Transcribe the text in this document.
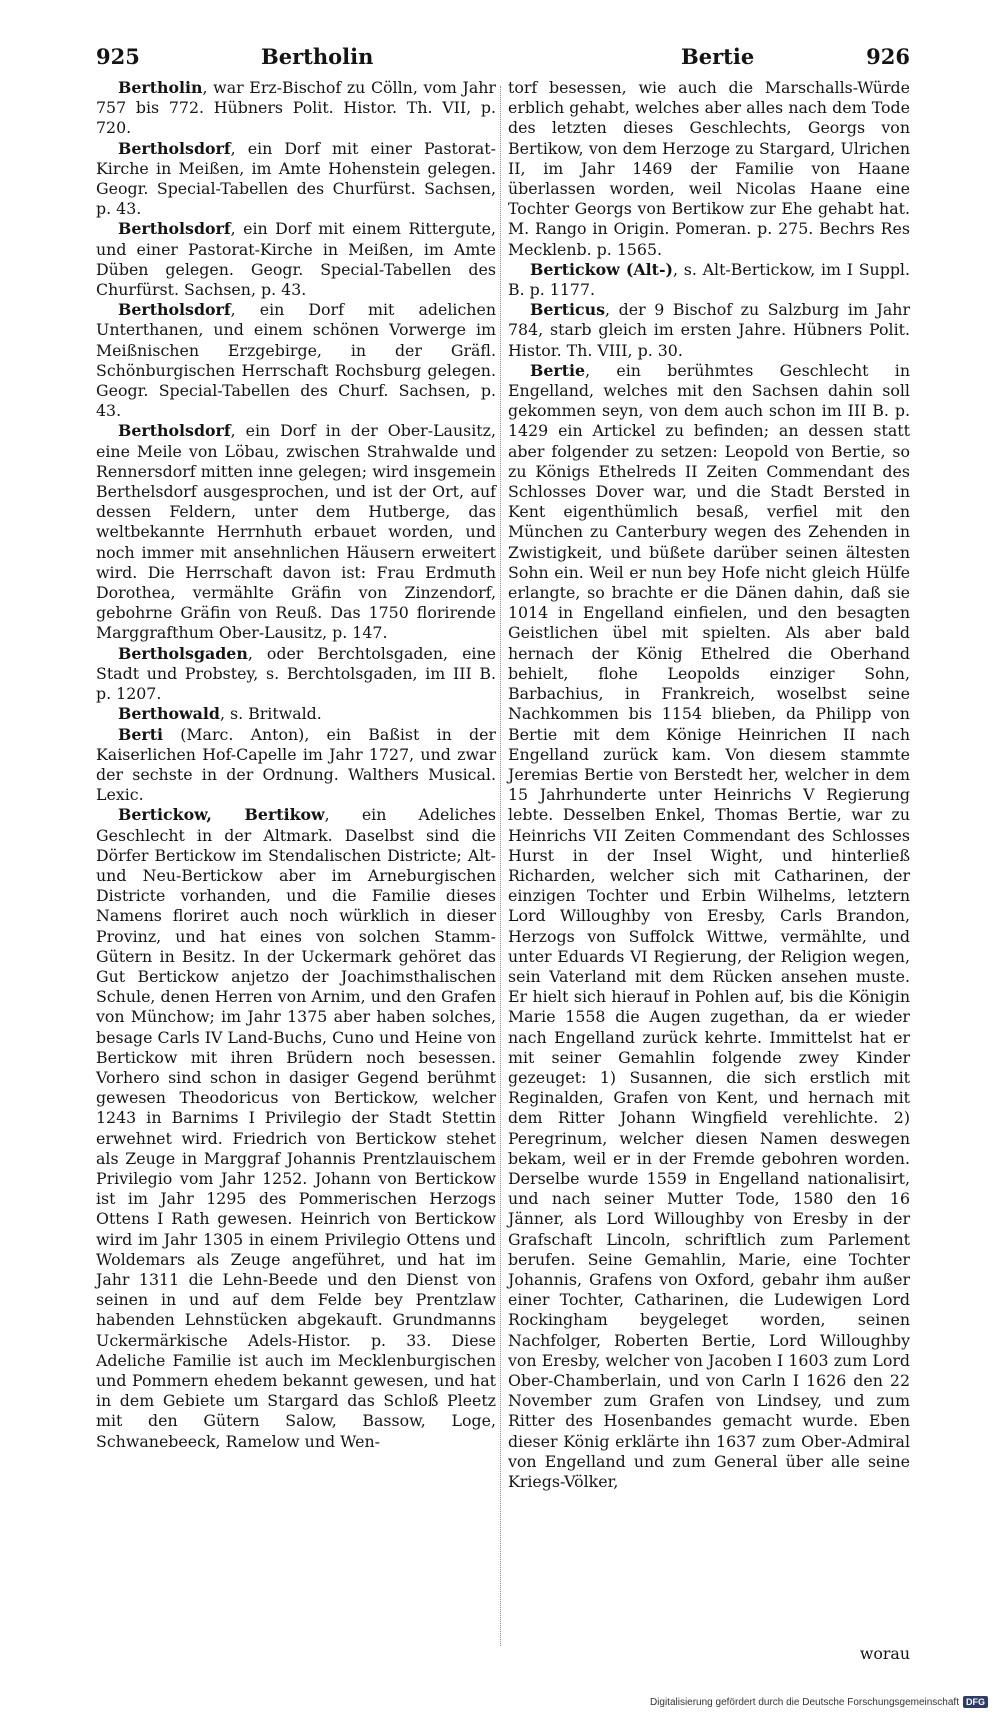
925	Bertholin	Bertie	926

Bertholin, war Erz-Bischof zu Cölln, vom Jahr 757 bis 772. Hübners Polit. Histor. Th. VII, p. 720.

Bertholsdorf, ein Dorf mit einer Pastorat-Kirche in Meißen, im Amte Hohenstein gelegen. Geogr. Special-Tabellen des Churfürst. Sachsen, p. 43.

Bertholsdorf, ein Dorf mit einem Rittergute, und einer Pastorat-Kirche in Meißen, im Amte Düben gelegen. Geogr. Special-Tabellen des Churfürst. Sachsen, p. 43.

Bertholsdorf, ein Dorf mit adelichen Unterthanen, und einem schönen Vorwerge im Meißnischen Erzgebirge, in der Gräfl. Schönburgischen Herrschaft Rochsburg gelegen. Geogr. Special-Tabellen des Churf. Sachsen, p. 43.

Bertholsdorf, ein Dorf in der Ober-Lausitz, eine Meile von Löbau, zwischen Strahwalde und Rennersdorf mitten inne gelegen; wird insgemein Berthelsdorf ausgesprochen, und ist der Ort, auf dessen Feldern, unter dem Hutberge, das weltbekannte Herrnhuth erbauet worden, und noch immer mit ansehnlichen Häusern erweitert wird. Die Herrschaft davon ist: Frau Erdmuth Dorothea, vermählte Gräfin von Zinzendorf, gebohrne Gräfin von Reuß. Das 1750 florirende Marggrafthum Ober-Lausitz, p. 147.

Bertholsgaden, oder Berchtolsgaden, eine Stadt und Probstey, s. Berchtolsgaden, im III B. p. 1207.

Berthowald, s. Britwald.

Berti (Marc. Anton), ein Baßist in der Kaiserlichen Hof-Capelle im Jahr 1727, und zwar der sechste in der Ordnung. Walthers Musical. Lexic.

Bertickow, Bertikow, ein Adeliches Geschlecht in der Altmark. Daselbst sind die Dörfer Bertickow im Stendalischen Districte; Alt- und Neu-Bertickow aber im Arneburgischen Districte vorhanden, und die Familie dieses Namens floriret auch noch würklich in dieser Provinz, und hat eines von solchen Stamm-Gütern in Besitz. In der Uckermark gehöret das Gut Bertickow anjetzo der Joachimsthalischen Schule, denen Herren von Arnim, und den Grafen von Münchow; im Jahr 1375 aber haben solches, besage Carls IV Land-Buchs, Cuno und Heine von Bertickow mit ihren Brüdern noch besessen. Vorhero sind schon in dasiger Gegend berühmt gewesen Theodoricus von Bertickow, welcher 1243 in Barnims I Privilegio der Stadt Stettin erwehnet wird. Friedrich von Bertickow stehet als Zeuge in Marggraf Johannis Prentzlauischem Privilegio vom Jahr 1252. Johann von Bertickow ist im Jahr 1295 des Pommerischen Herzogs Ottens I Rath gewesen. Heinrich von Bertickow wird im Jahr 1305 in einem Privilegio Ottens und Woldemars als Zeuge angeführet, und hat im Jahr 1311 die Lehn-Beede und den Dienst von seinen in und auf dem Felde bey Prentzlaw habenden Lehnstücken abgekauft. Grundmanns Uckermärkische Adels-Histor. p. 33. Diese Adeliche Familie ist auch im Mecklenburgischen und Pommern ehedem bekannt gewesen, und hat in dem Gebiete um Stargard das Schloß Pleetz mit den Gütern Salow, Bassow, Loge, Schwanebeeck, Ramelow und Wen-

torf besessen, wie auch die Marschalls-Würde erblich gehabt, welches aber alles nach dem Tode des letzten dieses Geschlechts, Georgs von Bertikow, von dem Herzoge zu Stargard, Ulrichen II, im Jahr 1469 der Familie von Haane überlassen worden, weil Nicolas Haane eine Tochter Georgs von Bertikow zur Ehe gehabt hat. M. Rango in Origin. Pomeran. p. 275. Bechrs Res Mecklenb. p. 1565.

Bertickow (Alt-), s. Alt-Bertickow, im I Suppl. B. p. 1177.

Berticus, der 9 Bischof zu Salzburg im Jahr 784, starb gleich im ersten Jahre. Hübners Polit. Histor. Th. VIII, p. 30.

Bertie, ein berühmtes Geschlecht in Engelland, welches mit den Sachsen dahin soll gekommen seyn, von dem auch schon im III B. p. 1429 ein Artickel zu befinden; an dessen statt aber folgender zu setzen: Leopold von Bertie, so zu Königs Ethelreds II Zeiten Commendant des Schlosses Dover war, und die Stadt Bersted in Kent eigenthümlich besaß, verfiel mit den München zu Canterbury wegen des Zehenden in Zwistigkeit, und büßete darüber seinen ältesten Sohn ein. Weil er nun bey Hofe nicht gleich Hülfe erlangte, so brachte er die Dänen dahin, daß sie 1014 in Engelland einfielen, und den besagten Geistlichen übel mit spielten. Als aber bald hernach der König Ethelred die Oberhand behielt, flohe Leopolds einziger Sohn, Barbachius, in Frankreich, woselbst seine Nachkommen bis 1154 blieben, da Philipp von Bertie mit dem Könige Heinrichen II nach Engelland zurück kam. Von diesem stammte Jeremias Bertie von Berstedt her, welcher in dem 15 Jahrhunderte unter Heinrichs V Regierung lebte. Desselben Enkel, Thomas Bertie, war zu Heinrichs VII Zeiten Commendant des Schlosses Hurst in der Insel Wight, und hinterließ Richarden, welcher sich mit Catharinen, der einzigen Tochter und Erbin Wilhelms, letztern Lord Willoughby von Eresby, Carls Brandon, Herzogs von Suffolck Wittwe, vermählte, und unter Eduards VI Regierung, der Religion wegen, sein Vaterland mit dem Rücken ansehen muste. Er hielt sich hierauf in Pohlen auf, bis die Königin Marie 1558 die Augen zugethan, da er wieder nach Engelland zurück kehrte. Immittelst hat er mit seiner Gemahlin folgende zwey Kinder gezeuget: 1) Susannen, die sich erstlich mit Reginalden, Grafen von Kent, und hernach mit dem Ritter Johann Wingfield verehlichte. 2) Peregrinum, welcher diesen Namen deswegen bekam, weil er in der Fremde gebohren worden. Derselbe wurde 1559 in Engelland nationalisirt, und nach seiner Mutter Tode, 1580 den 16 Jänner, als Lord Willoughby von Eresby in der Grafschaft Lincoln, schriftlich zum Parlement berufen. Seine Gemahlin, Marie, eine Tochter Johannis, Grafens von Oxford, gebahr ihm außer einer Tochter, Catharinen, die Ludewigen Lord Rockingham beygeleget worden, seinen Nachfolger, Roberten Bertie, Lord Willoughby von Eresby, welcher von Jacoben I 1603 zum Lord Ober-Chamberlain, und von Carln I 1626 den 22 November zum Grafen von Lindsey, und zum Ritter des Hosenbandes gemacht wurde. Eben dieser König erklärte ihn 1637 zum Ober-Admiral von Engelland und zum General über alle seine Kriegs-Völker,

worau
Digitalisierung gefördert durch die Deutsche Forschungsgemeinschaft DFG
